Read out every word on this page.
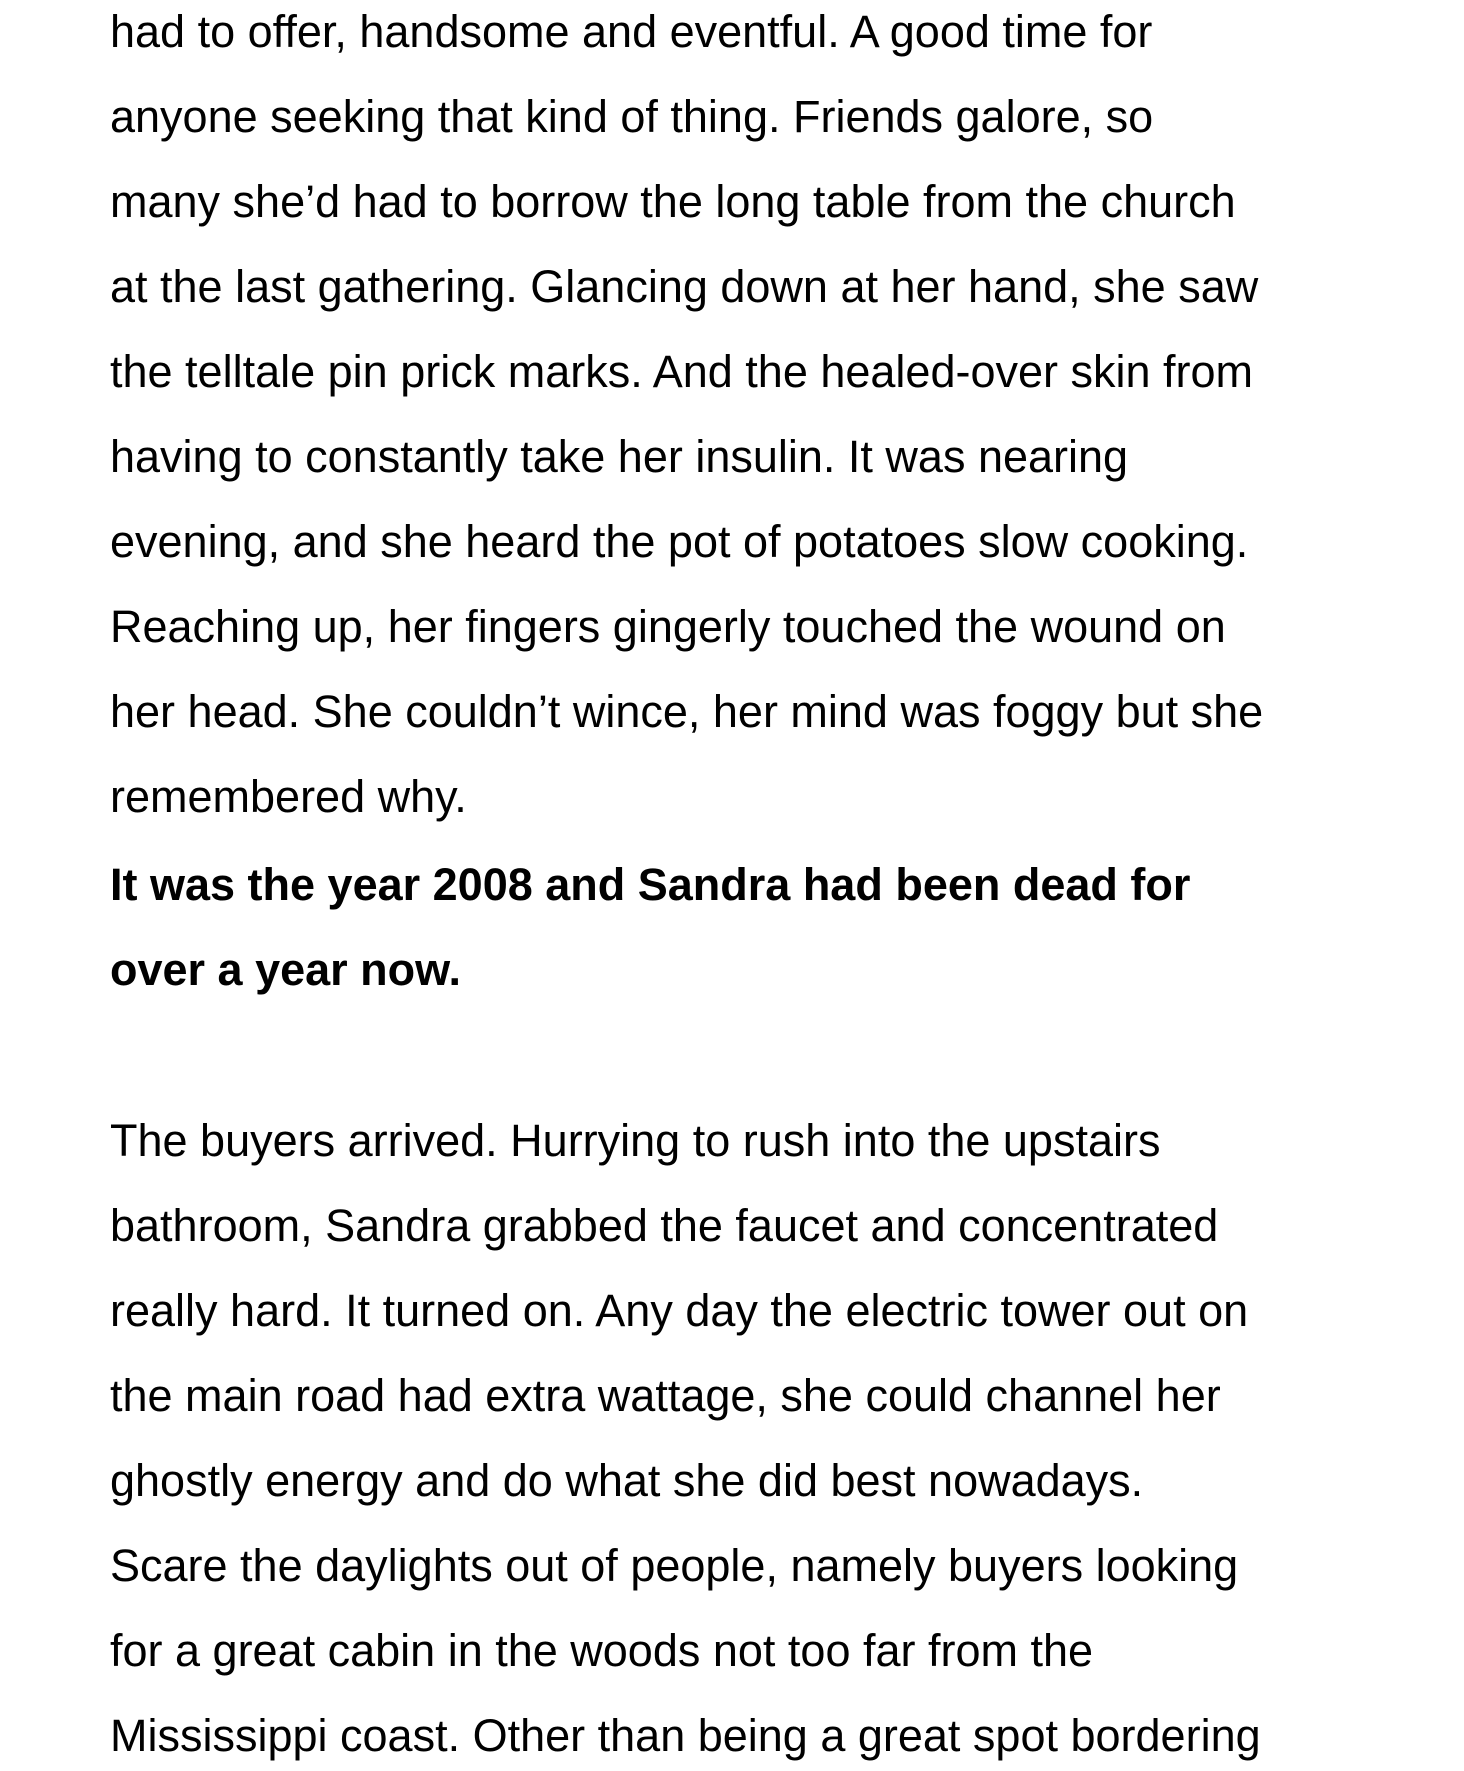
had to offer, handsome and eventful. A good time for
anyone seeking that kind of thing. Friends galore, so
many she’d had to borrow the long table from the church
at the last gathering. Glancing down at her hand, she saw
the telltale pin prick marks. And the healed-over skin from
having to constantly take her insulin. It was nearing
evening, and she heard the pot of potatoes slow cooking.
Reaching up, her fingers gingerly touched the wound on
her head. She couldn’t wince, her mind was foggy but she
remembered why.
It was the year 2008 and Sandra had been dead for
over a year now.
The buyers arrived. Hurrying to rush into the upstairs
bathroom, Sandra grabbed the faucet and concentrated
really hard. It turned on. Any day the electric tower out on
the main road had extra wattage, she could channel her
ghostly energy and do what she did best nowadays.
Scare the daylights out of people, namely buyers looking
for a great cabin in the woods not too far from the
Mississippi coast. Other than being a great spot bordering
